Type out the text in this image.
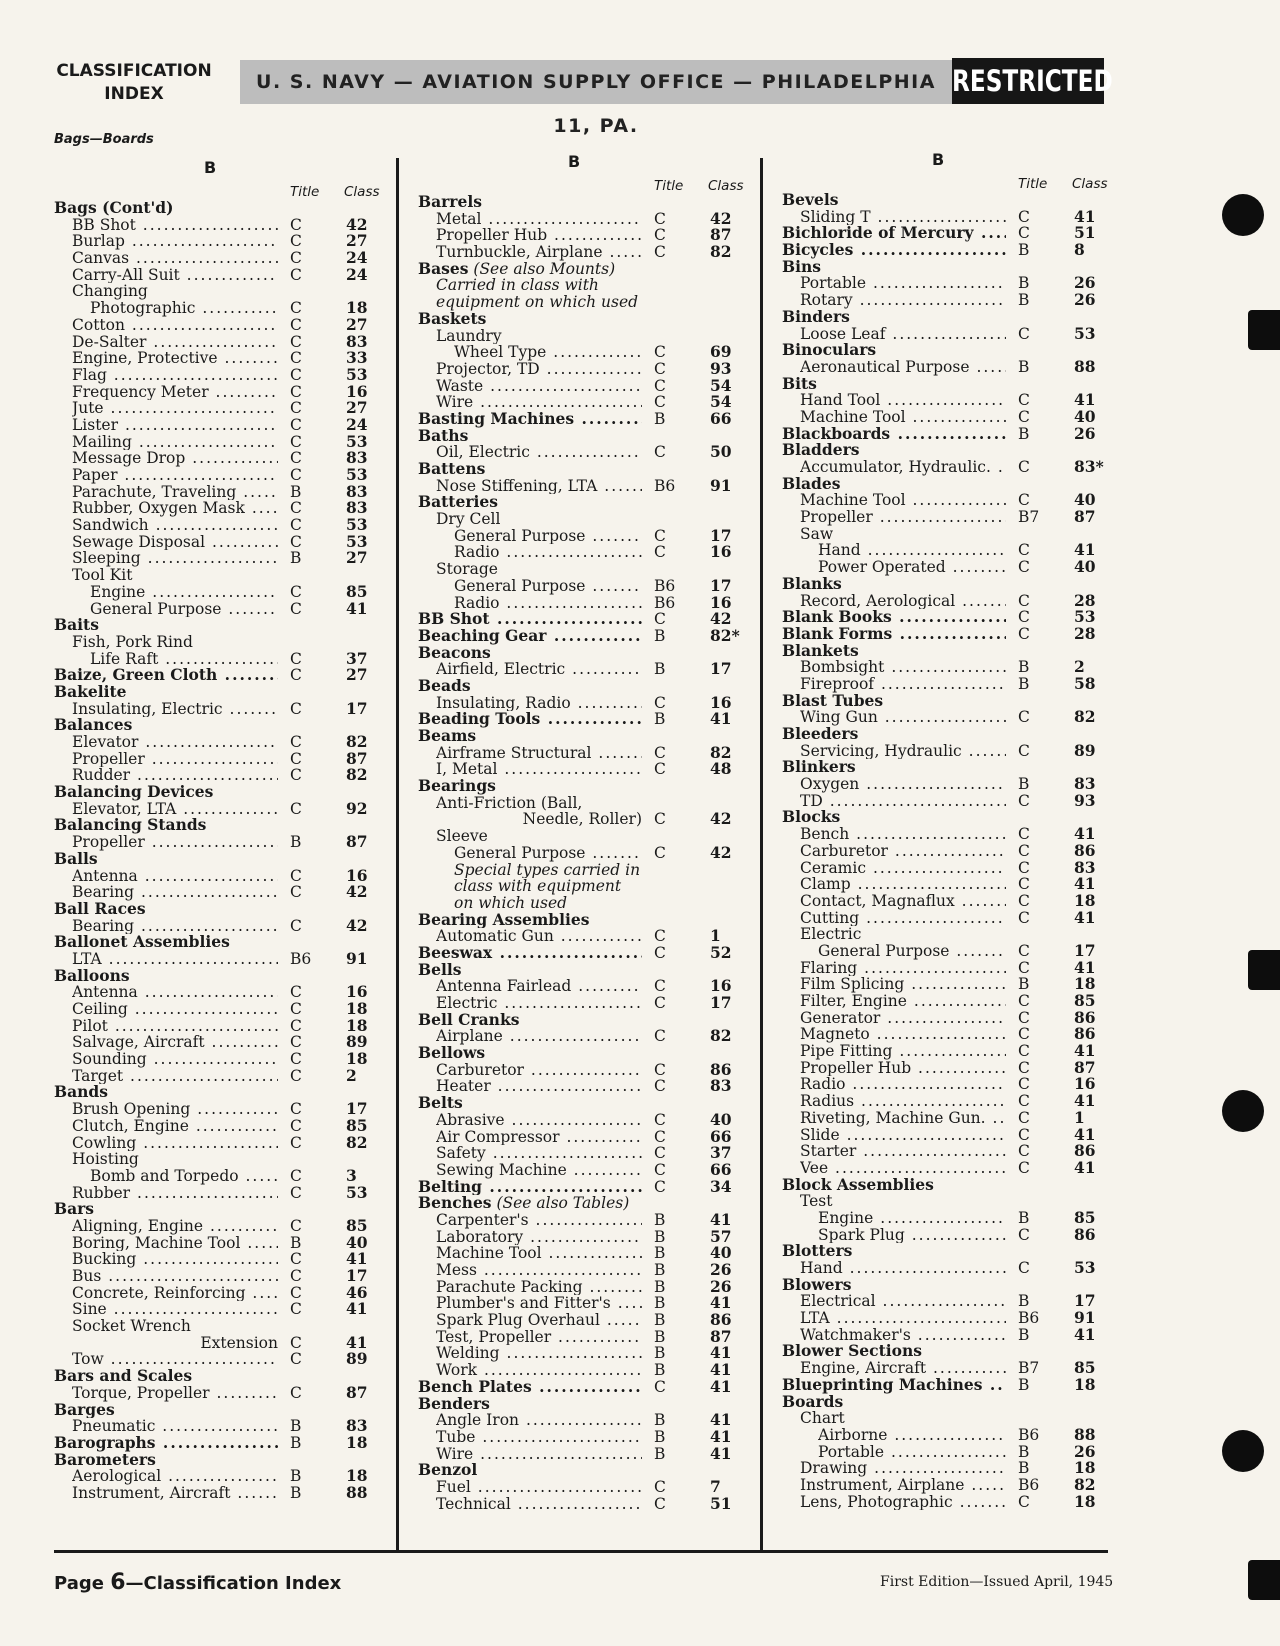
CLASSIFICATION
INDEX
U. S. NAVY — AVIATION SUPPLY OFFICE — PHILADELPHIA 11, PA.
RESTRICTED
Bags—Boards
B
Title Class
Bags (Cont'd)
BB Shot .....	C	42
Burlap .....	C	27
Canvas .....	C	24
Carry-All Suit .....	C	24
Changing
Photographic .....	C	18
Cotton .....	C	27
De-Salter .....	C	83
Engine, Protective .....	C	33
Flag .....	C	53
Frequency Meter .....	C	16
Jute .....	C	27
Lister .....	C	24
Mailing .....	C	53
Message Drop .....	C	83
Paper .....	C	53
Parachute, Traveling .....	B	83
Rubber, Oxygen Mask .....	C	83
Sandwich .....	C	53
Sewage Disposal .....	C	53
Sleeping .....	B	27
Tool Kit
Engine .....	C	85
General Purpose .....	C	41
Baits
Fish, Pork Rind
Life Raft .....	C	37
Baize, Green Cloth .....	C	27
Bakelite
Insulating, Electric .....	C	17
Balances
Elevator .....	C	82
Propeller .....	C	87
Rudder .....	C	82
Balancing Devices
Elevator, LTA .....	C	92
Balancing Stands
Propeller .....	B	87
Balls
Antenna .....	C	16
Bearing .....	C	42
Ball Races
Bearing .....	C	42
Ballonet Assemblies
LTA .....	B6 91
Balloons
Antenna .....	C	16
Ceiling .....	C	18
Pilot .....	C	18
Salvage, Aircraft .....	C	89
Sounding .....	C	18
Target .....	C	2
Bands
Brush Opening .....	C	17
Clutch, Engine .....	C	85
Cowling .....	C	82
Hoisting
Bomb and Torpedo .....	C	3
Rubber .....	C	53
Bars
Aligning, Engine .....	C	85
Boring, Machine Tool .....	B	40
Bucking .....	C	41
Bus .....	C	17
Concrete, Reinforcing .....	C	46
Sine .....	C	41
Socket Wrench
Extension C	41
Tow .....	C	89
Bars and Scales
Torque, Propeller .....	C	87
Barges
Pneumatic .....	B	83
Barographs .....	B	18
Barometers
Aerological .....	B	18
Instrument, Aircraft .....	B	88
B
Title Class
Barrels
Metal .....	C	42
Propeller Hub .....	C	87
Turnbuckle, Airplane .....	C	82
Bases (See also Mounts)
Carried in class with
equipment on which used
Baskets
Laundry
Wheel Type .....	C	69
Projector, TD .....	C	93
Waste .....	C	54
Wire .....	C	54
Basting Machines .....	B	66
Baths
Oil, Electric .....	C	50
Battens
Nose Stiffening, LTA .....	B6 91
Batteries
Dry Cell
General Purpose .....	C	17
Radio .....	C	16
Storage
General Purpose .....	B6 17
Radio .....	B6 16
BB Shot .....	C	42
Beaching Gear .....	B	82*
Beacons
Airfield, Electric .....	B	17
Beads
Insulating, Radio .....	C	16
Beading Tools .....	B	41
Beams
Airframe Structural .....	C	82
I, Metal .....	C	48
Bearings
Anti-Friction (Ball,
Needle, Roller) C	42
Sleeve
General Purpose .....	C	42
Special types carried in
class with equipment
on which used
Bearing Assemblies
Automatic Gun .....	C	1
Beeswax .....	C	52
Bells
Antenna Fairlead .....	C	16
Electric .....	C	17
Bell Cranks
Airplane .....	C	82
Bellows
Carburetor .....	C	86
Heater .....	C	83
Belts
Abrasive .....	C	40
Air Compressor .....	C	66
Safety .....	C	37
Sewing Machine .....	C	66
Belting .....	C	34
Benches (See also Tables)
Carpenter's .....	B	41
Laboratory .....	B	57
Machine Tool .....	B	40
Mess .....	B	26
Parachute Packing .....	B	26
Plumber's and Fitter's .....	B	41
Spark Plug Overhaul .....	B	86
Test, Propeller .....	B	87
Welding .....	B	41
Work .....	B	41
Bench Plates .....	C	41
Benders
Angle Iron .....	B	41
Tube .....	B	41
Wire .....	B	41
Benzol
Fuel .....	C	7
Technical .....	C	51
B
Title Class
Bevels
Sliding T .....	C	41
Bichloride of Mercury .....	C	51
Bicycles .....	B	8
Bins
Portable .....	B	26
Rotary .....	B	26
Binders
Loose Leaf .....	C	53
Binoculars
Aeronautical Purpose .....	B	88
Bits
Hand Tool .....	C	41
Machine Tool .....	C	40
Blackboards .....	B	26
Bladders
Accumulator, Hydraulic. .....	C	83*
Blades
Machine Tool .....	C	40
Propeller .....	B7 87
Saw
Hand .....	C	41
Power Operated .....	C	40
Blanks
Record, Aerological .....	C	28
Blank Books .....	C	53
Blank Forms .....	C	28
Blankets
Bombsight .....	B	2
Fireproof .....	B	58
Blast Tubes
Wing Gun .....	C	82
Bleeders
Servicing, Hydraulic .....	C	89
Blinkers
Oxygen .....	B	83
TD .....	C	93
Blocks
Bench .....	C	41
Carburetor .....	C	86
Ceramic .....	C	83
Clamp .....	C	41
Contact, Magnaflux .....	C	18
Cutting .....	C	41
Electric
General Purpose .....	C	17
Flaring .....	C	41
Film Splicing .....	B	18
Filter, Engine .....	C	85
Generator .....	C	86
Magneto .....	C	86
Pipe Fitting .....	C	41
Propeller Hub .....	C	87
Radio .....	C	16
Radius .....	C	41
Riveting, Machine Gun. .....	C	1
Slide .....	C	41
Starter .....	C	86
Vee .....	C	41
Block Assemblies
Test
Engine .....	B	85
Spark Plug .....	C	86
Blotters
Hand .....	C	53
Blowers
Electrical .....	B	17
LTA .....	B6 91
Watchmaker's .....	B	41
Blower Sections
Engine, Aircraft .....	B7 85
Blueprinting Machines .....	B	18
Boards
Chart
Airborne .....	B6 88
Portable .....	B	26
Drawing .....	B	18
Instrument, Airplane .....	B6 82
Lens, Photographic .....	C	18
Page 6—Classification Index	First Edition—Issued April, 1945
